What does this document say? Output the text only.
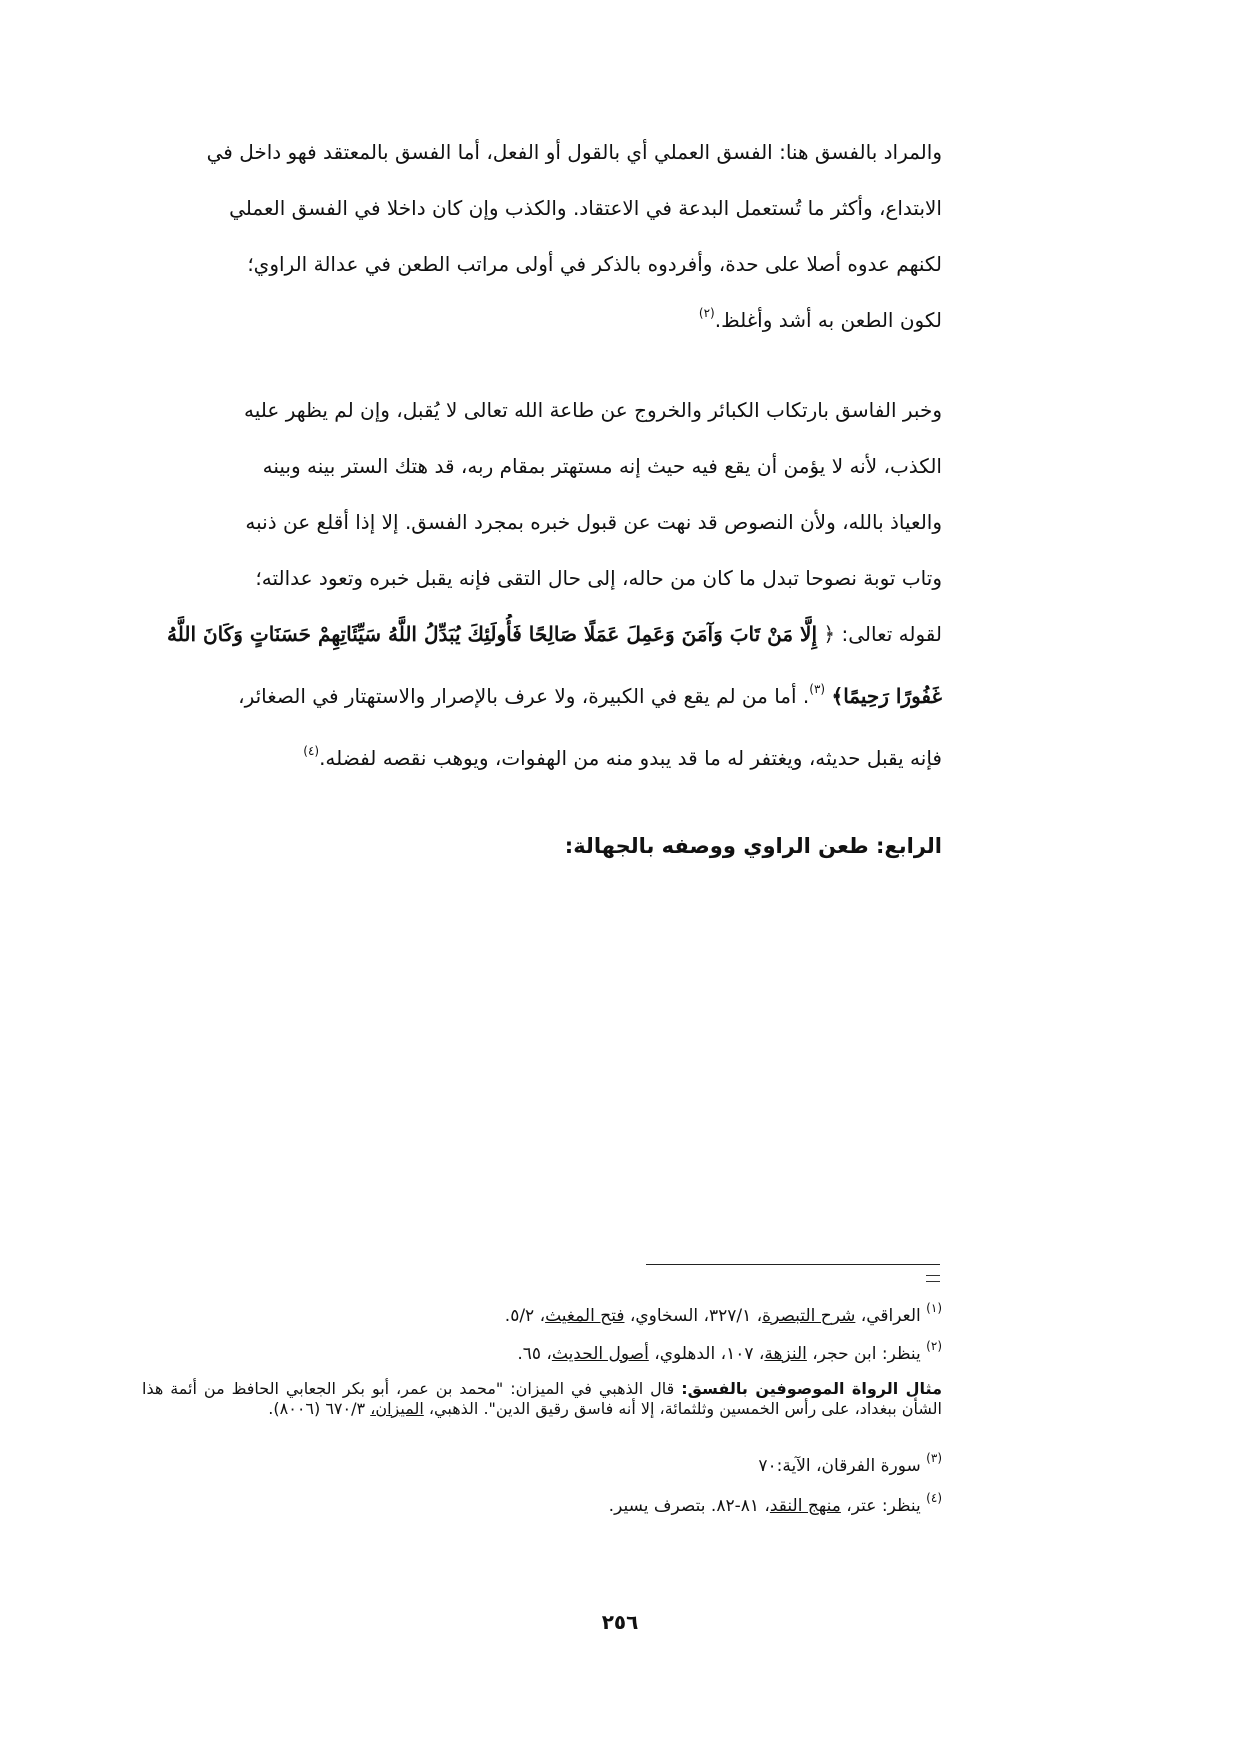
والمراد بالفسق هنا: الفسق العملي أي بالقول أو الفعل، أما الفسق بالمعتقد فهو داخل في
الابتداع، وأكثر ما تُستعمل البدعة في الاعتقاد. والكذب وإن كان داخلا في الفسق العملي
لكنهم عدوه أصلا على حدة، وأفردوه بالذكر في أولى مراتب الطعن في عدالة الراوي؛
لكون الطعن به أشد وأغلظ.$^{(٢)}$
وخبر الفاسق بارتكاب الكبائر والخروج عن طاعة الله تعالى لا يُقبل، وإن لم يظهر عليه
الكذب، لأنه لا يؤمن أن يقع فيه حيث إنه مستهتر بمقام ربه، قد هتك الستر بينه وبينه
والعياذ بالله، ولأن النصوص قد نهت عن قبول خبره بمجرد الفسق. إلا إذا أقلع عن ذنبه
وتاب توبة نصوحا تبدل ما كان من حاله، إلى حال التقى فإنه يقبل خبره وتعود عدالته؛
لقوله تعالى: ﴿ إِلَّا مَنْ تَابَ وَآمَنَ وَعَمِلَ عَمَلًا صَالِحًا فَأُولَئِكَ يُبَدِّلُ اللَّهُ سَيِّئَاتِهِمْ حَسَنَاتٍ وَكَانَ اللَّهُ
غَفُورًا رَحِيمًا﴾ $^{(٣)}$. أما من لم يقع في الكبيرة، ولا عرف بالإصرار والاستهتار في الصغائر،
فإنه يقبل حديثه، ويغتفر له ما قد يبدو منه من الهفوات، ويوهب نقصه لفضله.$^{(٤)}$
الرابع: طعن الراوي ووصفه بالجهالة:
$^{(١)}$ العراقي، شرح التبصرة، ٣٢٧/١، السخاوي، فتح المغيث، ٥/٢.
$^{(٢)}$ ينظر: ابن حجر، النزهة، ١٠٧، الدهلوي، أصول الحديث، ٦٥.
مثال الرواة الموصوفين بالفسق: قال الذهبي في الميزان: "محمد بن عمر، أبو بكر الجعابي الحافظ من أئمة هذا الشأن ببغداد، على رأس الخمسين وثلثمائة، إلا أنه فاسق رقيق الدين". الذهبي، الميزان، ٦٧٠/٣ (٨٠٠٦).
$^{(٣)}$ سورة الفرقان، الآية:٧٠
$^{(٤)}$ ينظر: عتر، منهج النقد، ٨١-٨٢. بتصرف يسير.
٢٥٦
